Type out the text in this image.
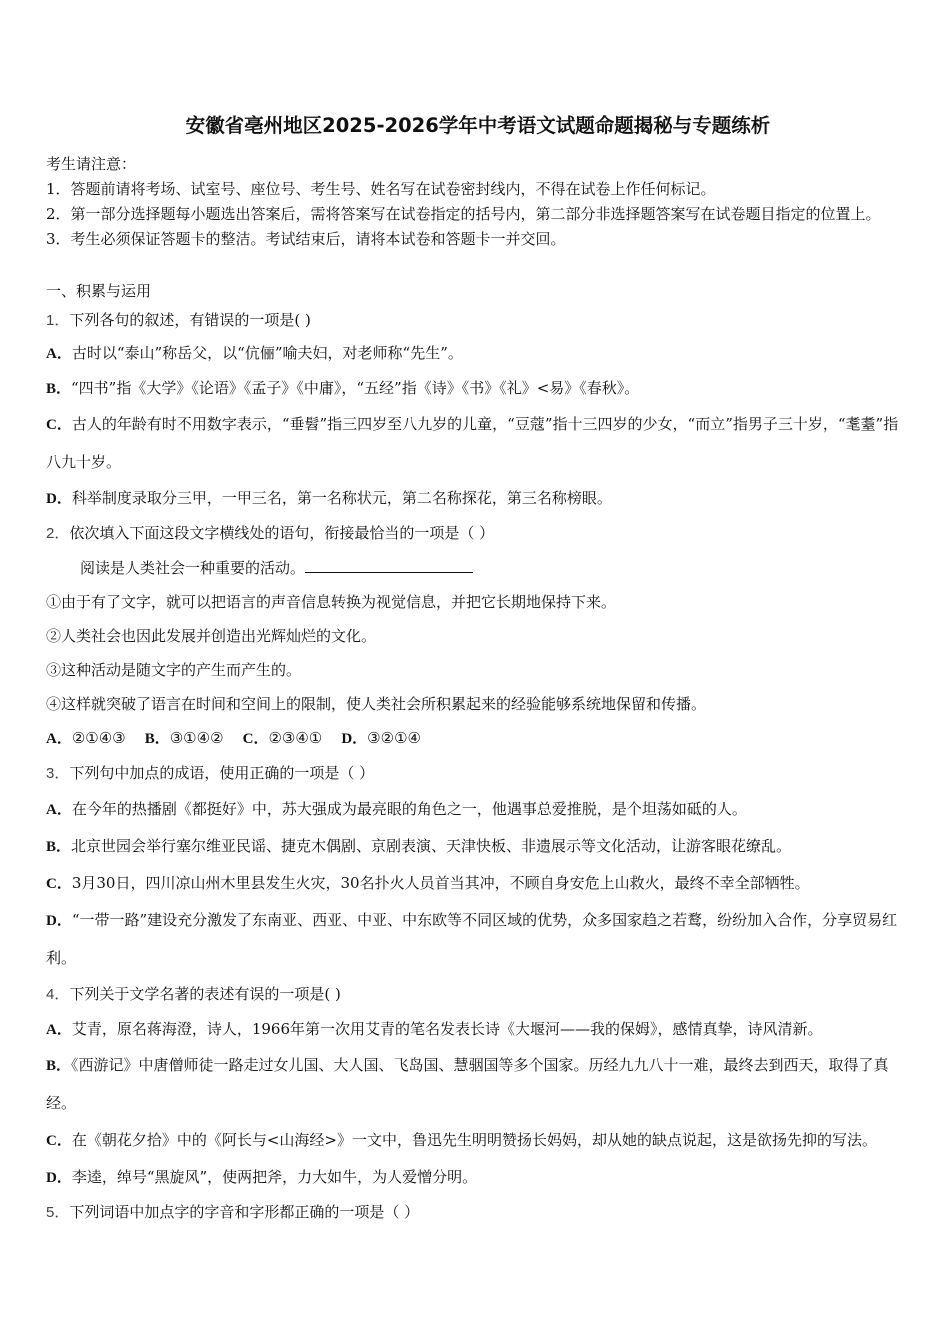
安徽省亳州地区2025-2026学年中考语文试题命题揭秘与专题练析
考生请注意：
1．答题前请将考场、试室号、座位号、考生号、姓名写在试卷密封线内，不得在试卷上作任何标记。
2．第一部分选择题每小题选出答案后，需将答案写在试卷指定的括号内，第二部分非选择题答案写在试卷题目指定的位置上。
3．考生必须保证答题卡的整洁。考试结束后，请将本试卷和答题卡一并交回。
一、积累与运用
1．下列各句的叙述，有错误的一项是( )
A．古时以“泰山”称岳父，以“伉俪”喻夫妇，对老师称“先生”。
B．“四书”指《大学》《论语》《孟子》《中庸》，“五经”指《诗》《书》《礼》<易》《春秋》。
C．古人的年龄有时不用数字表示，“垂髫”指三四岁至八九岁的儿童，“豆蔻”指十三四岁的少女，“而立”指男子三十岁，“耄耋”指八九十岁。
D．科举制度录取分三甲，一甲三名，第一名称状元，第二名称探花，第三名称榜眼。
2．依次填入下面这段文字横线处的语句，衔接最恰当的一项是（ ）
阅读是人类社会一种重要的活动。
①由于有了文字，就可以把语言的声音信息转换为视觉信息，并把它长期地保持下来。
②人类社会也因此发展并创造出光辉灿烂的文化。
③这种活动是随文字的产生而产生的。
④这样就突破了语言在时间和空间上的限制，使人类社会所积累起来的经验能够系统地保留和传播。
A．②①④③ B．③①④② C．②③④① D．③②①④
3．下列句中加点的成语，使用正确的一项是（ ）
A．在今年的热播剧《都挺好》中，苏大强成为最亮眼的角色之一，他遇事总爱推脱，是个坦荡如砥的人。
B．北京世园会举行塞尔维亚民谣、捷克木偶剧、京剧表演、天津快板、非遗展示等文化活动，让游客眼花缭乱。
C．3月30日，四川凉山州木里县发生火灾，30名扑火人员首当其冲，不顾自身安危上山救火，最终不幸全部牺牲。
D．“一带一路”建设充分激发了东南亚、西亚、中亚、中东欧等不同区域的优势，众多国家趋之若鹜，纷纷加入合作，分享贸易红利。
4．下列关于文学名著的表述有误的一项是( )
A．艾青，原名蒋海澄，诗人，1966年第一次用艾青的笔名发表长诗《大堰河——我的保姆》，感情真挚，诗风清新。
B．《西游记》中唐僧师徒一路走过女儿国、大人国、飞岛国、慧骃国等多个国家。历经九九八十一难，最终去到西天，取得了真经。
C．在《朝花夕拾》中的《阿长与<山海经>》一文中，鲁迅先生明明赞扬长妈妈，却从她的缺点说起，这是欲扬先抑的写法。
D．李逵，绰号“黑旋风”，使两把斧，力大如牛，为人爱憎分明。
5．下列词语中加点字的字音和字形都正确的一项是（ ）
